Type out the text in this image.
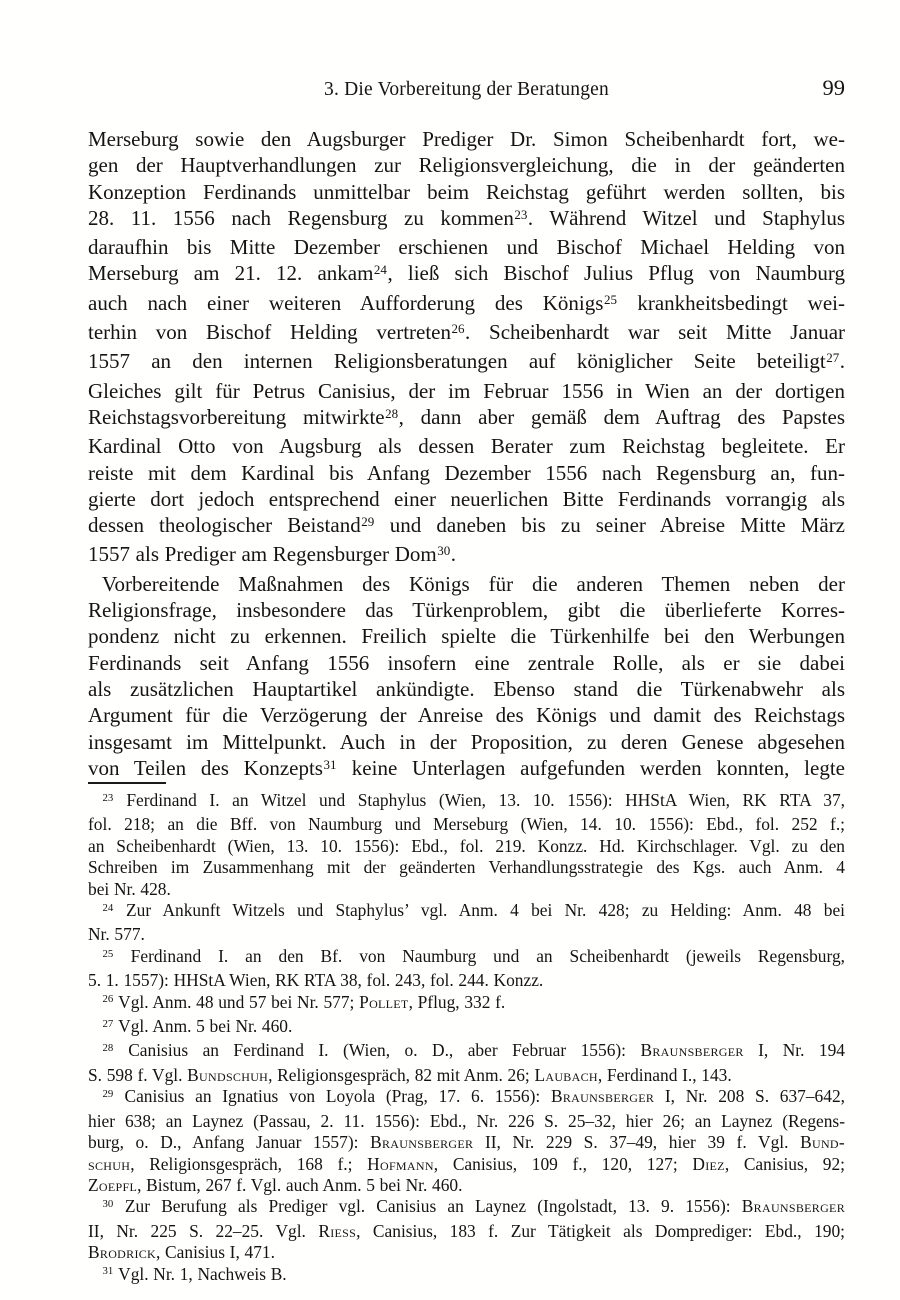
3. Die Vorbereitung der Beratungen	99
Merseburg sowie den Augsburger Prediger Dr. Simon Scheibenhardt fort, we-
gen der Hauptverhandlungen zur Religionsvergleichung, die in der geänderten
Konzeption Ferdinands unmittelbar beim Reichstag geführt werden sollten, bis
28. 11. 1556 nach Regensburg zu kommen$^{23}$. Während Witzel und Staphylus
daraufhin bis Mitte Dezember erschienen und Bischof Michael Helding von
Merseburg am 21. 12. ankam$^{24}$, ließ sich Bischof Julius Pflug von Naumburg
auch nach einer weiteren Aufforderung des Königs$^{25}$ krankheitsbedingt wei-
terhin von Bischof Helding vertreten$^{26}$. Scheibenhardt war seit Mitte Januar
1557 an den internen Religionsberatungen auf königlicher Seite beteiligt$^{27}$.
Gleiches gilt für Petrus Canisius, der im Februar 1556 in Wien an der dortigen
Reichstagsvorbereitung mitwirkte$^{28}$, dann aber gemäß dem Auftrag des Papstes
Kardinal Otto von Augsburg als dessen Berater zum Reichstag begleitete. Er
reiste mit dem Kardinal bis Anfang Dezember 1556 nach Regensburg an, fun-
gierte dort jedoch entsprechend einer neuerlichen Bitte Ferdinands vorrangig als
dessen theologischer Beistand$^{29}$ und daneben bis zu seiner Abreise Mitte März
1557 als Prediger am Regensburger Dom$^{30}$.
Vorbereitende Maßnahmen des Königs für die anderen Themen neben der
Religionsfrage, insbesondere das Türkenproblem, gibt die überlieferte Korres-
pondenz nicht zu erkennen. Freilich spielte die Türkenhilfe bei den Werbungen
Ferdinands seit Anfang 1556 insofern eine zentrale Rolle, als er sie dabei
als zusätzlichen Hauptartikel ankündigte. Ebenso stand die Türkenabwehr als
Argument für die Verzögerung der Anreise des Königs und damit des Reichstags
insgesamt im Mittelpunkt. Auch in der Proposition, zu deren Genese abgesehen
von Teilen des Konzepts$^{31}$ keine Unterlagen aufgefunden werden konnten, legte
$^{23}$ Ferdinand I. an Witzel und Staphylus (Wien, 13. 10. 1556): HHStA Wien, RK RTA 37,
fol. 218; an die Bff. von Naumburg und Merseburg (Wien, 14. 10. 1556): Ebd., fol. 252 f.;
an Scheibenhardt (Wien, 13. 10. 1556): Ebd., fol. 219. Konzz. Hd. Kirchschlager. Vgl. zu den
Schreiben im Zusammenhang mit der geänderten Verhandlungsstrategie des Kgs. auch Anm. 4
bei Nr. 428.
$^{24}$ Zur Ankunft Witzels und Staphylus’ vgl. Anm. 4 bei Nr. 428; zu Helding: Anm. 48 bei
Nr. 577.
$^{25}$ Ferdinand I. an den Bf. von Naumburg und an Scheibenhardt (jeweils Regensburg,
5. 1. 1557): HHStA Wien, RK RTA 38, fol. 243, fol. 244. Konzz.
$^{26}$ Vgl. Anm. 48 und 57 bei Nr. 577; Pollet, Pflug, 332 f.
$^{27}$ Vgl. Anm. 5 bei Nr. 460.
$^{28}$ Canisius an Ferdinand I. (Wien, o. D., aber Februar 1556): Braunsberger I, Nr. 194
S. 598 f. Vgl. Bundschuh, Religionsgespräch, 82 mit Anm. 26; Laubach, Ferdinand I., 143.
$^{29}$ Canisius an Ignatius von Loyola (Prag, 17. 6. 1556): Braunsberger I, Nr. 208 S. 637–642,
hier 638; an Laynez (Passau, 2. 11. 1556): Ebd., Nr. 226 S. 25–32, hier 26; an Laynez (Regens-
burg, o. D., Anfang Januar 1557): Braunsberger II, Nr. 229 S. 37–49, hier 39 f. Vgl. Bund-
schuh, Religionsgespräch, 168 f.; Hofmann, Canisius, 109 f., 120, 127; Diez, Canisius, 92;
Zoepfl, Bistum, 267 f. Vgl. auch Anm. 5 bei Nr. 460.
$^{30}$ Zur Berufung als Prediger vgl. Canisius an Laynez (Ingolstadt, 13. 9. 1556): Braunsberger
II, Nr. 225 S. 22–25. Vgl. Riess, Canisius, 183 f. Zur Tätigkeit als Domprediger: Ebd., 190;
Brodrick, Canisius I, 471.
$^{31}$ Vgl. Nr. 1, Nachweis B.
